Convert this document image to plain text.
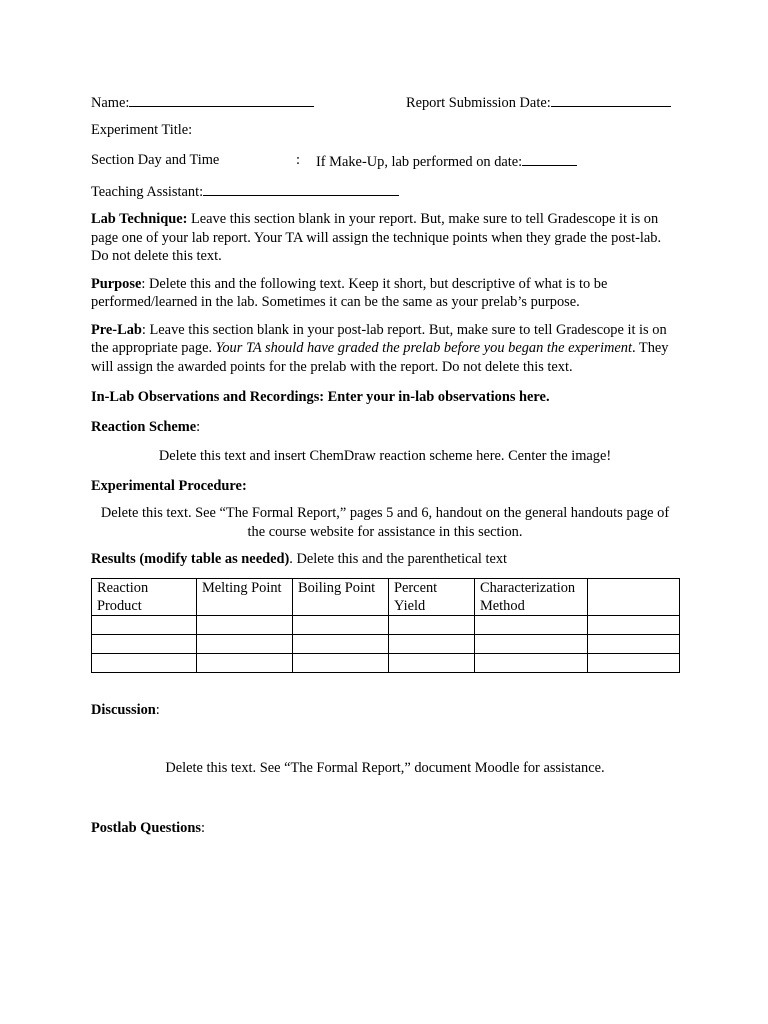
Name:	Report Submission Date:
Experiment Title:
Section Day and Time	: If Make-Up, lab performed on date:
Teaching Assistant:

Lab Technique: Leave this section blank in your report. But, make sure to tell Gradescope it is on page one of your lab report. Your TA will assign the technique points when they grade the post-lab. Do not delete this text.

Purpose: Delete this and the following text. Keep it short, but descriptive of what is to be performed/learned in the lab. Sometimes it can be the same as your prelab’s purpose.

Pre-Lab: Leave this section blank in your post-lab report. But, make sure to tell Gradescope it is on the appropriate page. Your TA should have graded the prelab before you began the experiment. They will assign the awarded points for the prelab with the report. Do not delete this text.

In-Lab Observations and Recordings: Enter your in-lab observations here.

Reaction Scheme:

Delete this text and insert ChemDraw reaction scheme here. Center the image!

Experimental Procedure:

Delete this text. See “The Formal Report,” pages 5 and 6, handout on the general handouts page of the course website for assistance in this section.

Results (modify table as needed). Delete this and the parenthetical text

Reaction Product	Melting Point	Boiling Point	Percent Yield	Characterization Method	

Discussion:

Delete this text. See “The Formal Report,” document Moodle for assistance.

Postlab Questions:
